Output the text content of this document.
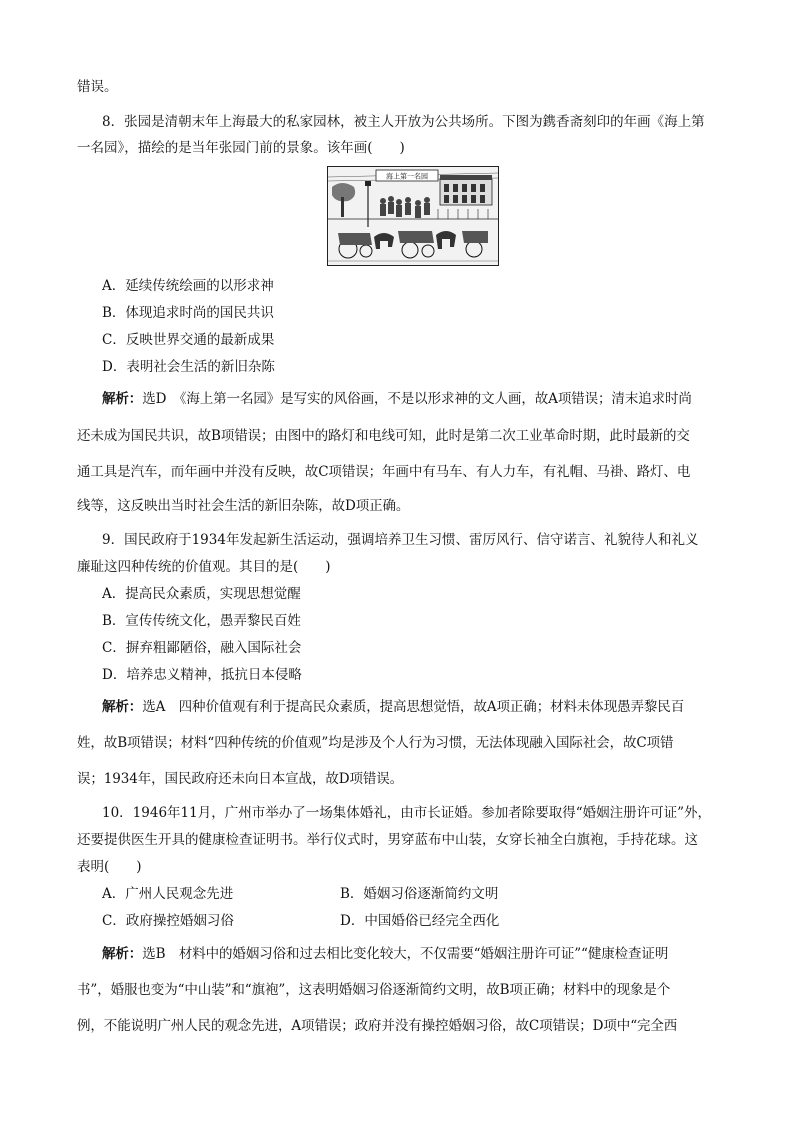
错误。
8．张园是清朝末年上海最大的私家园林，被主人开放为公共场所。下图为鎸香斋刻印的年画《海上第
一名园》，描绘的是当年张园门前的景象。该年画(　　)
海上第一名园
A．延续传统绘画的以形求神
B．体现追求时尚的国民共识
C．反映世界交通的最新成果
D．表明社会生活的新旧杂陈
解析：选D　《海上第一名园》是写实的风俗画，不是以形求神的文人画，故A项错误；清末追求时尚
还未成为国民共识，故B项错误；由图中的路灯和电线可知，此时是第二次工业革命时期，此时最新的交
通工具是汽车，而年画中并没有反映，故C项错误；年画中有马车、有人力车，有礼帽、马褂、路灯、电
线等，这反映出当时社会生活的新旧杂陈，故D项正确。
9．国民政府于1934年发起新生活运动，强调培养卫生习惯、雷厉风行、信守诺言、礼貌待人和礼义
廉耻这四种传统的价值观。其目的是(　　)
A．提高民众素质，实现思想觉醒
B．宣传传统文化，愚弄黎民百姓
C．摒弃粗鄙陋俗，融入国际社会
D．培养忠义精神，抵抗日本侵略
解析：选A　四种价值观有利于提高民众素质，提高思想觉悟，故A项正确；材料未体现愚弄黎民百
姓，故B项错误；材料“四种传统的价值观”均是涉及个人行为习惯，无法体现融入国际社会，故C项错
误；1934年，国民政府还未向日本宣战，故D项错误。
10．1946年11月，广州市举办了一场集体婚礼，由市长证婚。参加者除要取得“婚姻注册许可证”外，
还要提供医生开具的健康检查证明书。举行仪式时，男穿蓝布中山装，女穿长袖全白旗袍，手持花球。这
表明(　　)
A．广州人民观念先进	B．婚姻习俗逐渐简约文明
C．政府操控婚姻习俗	D．中国婚俗已经完全西化
解析：选B　材料中的婚姻习俗和过去相比变化较大，不仅需要“婚姻注册许可证”“健康检查证明
书”，婚服也变为“中山装”和“旗袍”，这表明婚姻习俗逐渐简约文明，故B项正确；材料中的现象是个
例，不能说明广州人民的观念先进，A项错误；政府并没有操控婚姻习俗，故C项错误；D项中“完全西
